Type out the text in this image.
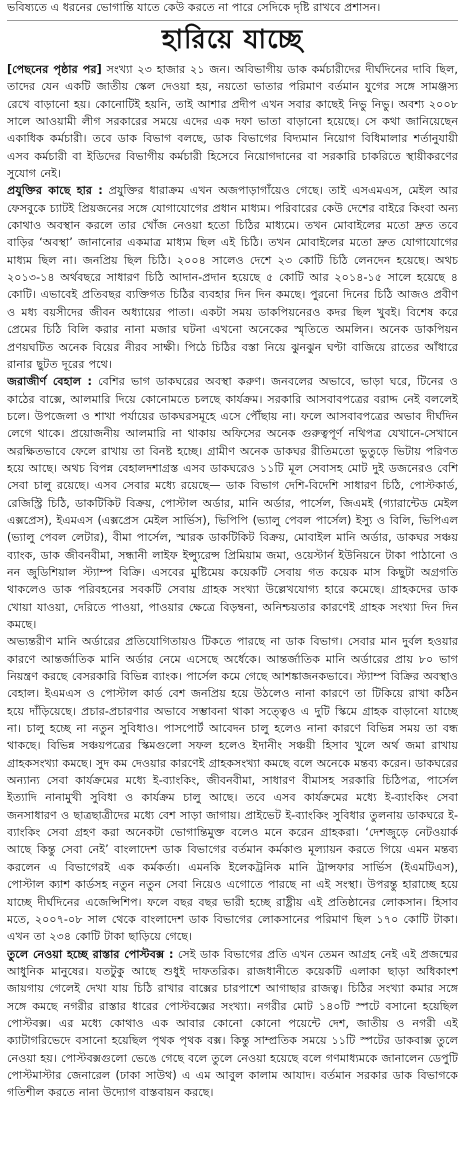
ভবিষ্যতে এ ধরনের ভোগান্তি যাতে কেউ করতে না পারে সেদিকে দৃষ্টি রাখবে প্রশাসন।
হারিয়ে যাচ্ছে

[পেছনের পৃষ্ঠার পর] সংখ্যা ২৩ হাজার ২১ জন। অবিভাগীয় ডাক কর্মচারীদের দীর্ঘদিনের দাবি ছিল, তাদের যেন একটি জাতীয় স্কেল দেওয়া হয়, নয়তো ভাতার পরিমাণ বর্তমান যুগের সঙ্গে সামঞ্জস্য রেখে বাড়ানো হয়। কোনোটিই হয়নি, তাই আশার প্রদীপ এখন সবার কাছেই নিভু নিভু। অবশ্য ২০০৮ সালে আওয়ামী লীগ সরকারের সময়ে এদের এক দফা ভাতা বাড়ানো হয়েছে। সে কথা জানিয়েছেন একাধিক কর্মচারী। তবে ডাক বিভাগ বলছে, ডাক বিভাগের বিদ্যমান নিয়োগ বিধিমালার শর্তানুযায়ী এসব কর্মচারী বা ইডিদের বিভাগীয় কর্মচারী হিসেবে নিয়োগদানের বা সরকারি চাকরিতে স্থায়ীকরণের সুযোগ নেই।

প্রযুক্তির কাছে হার : প্রযুক্তির ধারাক্রম এখন অজপাড়াগাঁয়েও গেছে। তাই এসএমএস, মেইল আর ফেসবুকে চ্যাটই প্রিয়জনের সঙ্গে যোগাযোগের প্রধান মাধ্যম। পরিবারের কেউ দেশের বাইরে কিংবা অন্য কোথাও অবস্থান করলে তার খোঁজ নেওয়া হতো চিঠির মাধ্যমে। তখন মোবাইলের মতো দ্রুত তবে বাড়ির ‘অবস্থা’ জানানোর একমাত্র মাধ্যম ছিল এই চিঠি। তখন মোবাইলের মতো দ্রুত যোগাযোগের মাধ্যম ছিল না। জনপ্রিয় ছিল চিঠি। ২০০৪ সালেও দেশে ২৩ কোটি চিঠি লেনদেন হয়েছে। অথচ ২০১৩-১৪ অর্থবছরে সাধারণ চিঠি আদান-প্রদান হয়েছে ৫ কোটি আর ২০১৪-১৫ সালে হয়েছে ৪ কোটি। এভাবেই প্রতিবছর ব্যক্তিগত চিঠির ব্যবহার দিন দিন কমছে। পুরনো দিনের চিঠি আজও প্রবীণ ও মধ্য বয়সীদের জীবন অধ্যায়ের পাতা। একটা সময় ডাকপিয়নেরও কদর ছিল খুবই। বিশেষ করে প্রেমের চিঠি বিলি করার নানা মজার ঘটনা এখনো অনেকের স্মৃতিতে অমলিন। অনেক ডাকপিয়ন প্রণয়ঘটিত অনেক বিয়ের নীরব সাক্ষী। পিঠে চিঠির বস্তা নিয়ে ঝুনঝুন ঘণ্টা বাজিয়ে রাতের আঁধারে রানার ছুটত দূরের পথে।

জরাজীর্ণ বেহাল : বেশির ভাগ ডাকঘরের অবস্থা করুণ। জনবলের অভাবে, ভাড়া ঘরে, টিনের ও কাঠের বাক্সে, আলমারি দিয়ে কোনোমতে চলছে কার্যক্রম। সরকারি আসবাবপত্রের বরাদ্দ নেই বললেই চলে। উপজেলা ও শাখা পর্যায়ের ডাকঘরসমূহে এসে পৌঁছায় না। ফলে আসবাবপত্রের অভাব দীর্ঘদিন লেগে থাকে। প্রয়োজনীয় আলমারি না থাকায় অফিসের অনেক গুরুত্বপূর্ণ নথিপত্র যেখানে-সেখানে অরক্ষিতভাবে ফেলে রাখায় তা বিনষ্ট হচ্ছে। গ্রামীণ অনেক ডাকঘর রীতিমতো ভুতুড়ে ভিটায় পরিণত হয়ে আছে। অথচ বিপন্ন বেহালদশাগ্রস্ত এসব ডাকঘরেও ১১টি মূল সেবাসহ মোট দুই ডজনেরও বেশি সেবা চালু রয়েছে। এসব সেবার মধ্যে রয়েছে— ডাক বিভাগ দেশি-বিদেশি সাধারণ চিঠি, পোস্টকার্ড, রেজিস্ট্রি চিঠি, ডাকটিকিট বিক্রয়, পোস্টাল অর্ডার, মানি অর্ডার, পার্সেল, জিএমই (গ্যারান্টেড মেইল এক্সপ্রেস), ইএমএস (এক্সপ্রেস মেইল সার্ভিস), ভিপিপি (ভ্যালু পেবল পার্সেল) ইস্যু ও বিলি, ভিপিএল (ভ্যালু পেবল লেটার), বীমা পার্সেল, স্মারক ডাকটিকিট বিক্রয়, মোবাইল মানি অর্ডার, ডাকঘর সঞ্চয় ব্যাংক, ডাক জীবনবীমা, সন্ধানী লাইফ ইন্স্যুরেন্স প্রিমিয়াম জমা, ওয়েস্টার্ন ইউনিয়নে টাকা পাঠানো ও নন জুডিশিয়াল স্ট্যাম্প বিক্রি। এসবের মুষ্টিমেয় কয়েকটি সেবায় গত কয়েক মাস কিছুটা অগ্রগতি থাকলেও ডাক পরিবহনের সবকটি সেবায় গ্রাহক সংখ্যা উল্লেখযোগ্য হারে কমেছে। গ্রাহকদের ডাক খোয়া যাওয়া, দেরিতে পাওয়া, পাওয়ার ক্ষেত্রে বিড়ম্বনা, অনিশ্চয়তার কারণেই গ্রাহক সংখ্যা দিন দিন কমছে।

অভ্যন্তরীণ মানি অর্ডারের প্রতিযোগিতায়ও টিকতে পারছে না ডাক বিভাগ। সেবার মান দুর্বল হওয়ার কারণে আন্তর্জাতিক মানি অর্ডার নেমে এসেছে অর্ধেকে। আন্তর্জাতিক মানি অর্ডারের প্রায় ৮০ ভাগ নিয়ন্ত্রণ করছে বেসরকারি বিভিন্ন ব্যাংক। পার্সেল কমে গেছে আশঙ্কাজনকভাবে। স্ট্যাম্প বিক্রির অবস্থাও বেহাল। ইএমএস ও পোস্টাল কার্ড বেশ জনপ্রিয় হয়ে উঠলেও নানা কারণে তা টিকিয়ে রাখা কঠিন হয়ে দাঁড়িয়েছে। প্রচার-প্রচারণার অভাবে সম্ভাবনা থাকা সত্ত্বেও এ দুটি স্কিমে গ্রাহক বাড়ানো যাচ্ছে না। চালু হচ্ছে না নতুন সুবিধাও। পাসপোর্ট আবেদন চালু হলেও নানা কারণে বিভিন্ন সময় তা বন্ধ থাকছে। বিভিন্ন সঞ্চয়পত্রের স্কিমগুলো সফল হলেও ইদানীং সঞ্চয়ী হিসাব খুলে অর্থ জমা রাখায় গ্রাহকসংখ্যা কমছে। সুদ কম দেওয়ার কারণেই গ্রাহকসংখ্যা কমছে বলে অনেকে মন্তব্য করেন। ডাকঘরের অন্যান্য সেবা কার্যক্রমের মধ্যে ই-ব্যাংকিং, জীবনবীমা, সাধারণ বীমাসহ সরকারি চিঠিপত্র, পার্সেল ইত্যাদি নানামুখী সুবিধা ও কার্যক্রম চালু আছে। তবে এসব কার্যক্রমের মধ্যে ই-ব্যাংকিং সেবা জনসাধারণ ও ছাত্রছাত্রীদের মধ্যে বেশ সাড়া জাগায়। প্রাইভেট ই-ব্যাংকিং সুবিধার তুলনায় ডাকঘরে ই-ব্যাংকিং সেবা গ্রহণ করা অনেকটা ভোগান্তিমুক্ত বলেও মনে করেন গ্রাহকরা। ‘দেশজুড়ে নেটওয়ার্ক আছে কিন্তু সেবা নেই’ বাংলাদেশ ডাক বিভাগের বর্তমান কর্মকাণ্ড মূল্যায়ন করতে গিয়ে এমন মন্তব্য করলেন এ বিভাগেরই এক কর্মকর্তা। এমনকি ইলেকট্রনিক মানি ট্রান্সফার সার্ভিস (ইএমটিএস), পোস্টাল ক্যাশ কার্ডসহ নতুন নতুন সেবা নিয়েও এগোতে পারছে না এই সংস্থা। উপরন্তু হারাচ্ছে হয়ে যাচ্ছে দীর্ঘদিনের এজেন্সিশিপ। ফলে বছর বছর ভারী হচ্ছে রাষ্ট্রীয় এই প্রতিষ্ঠানের লোকসান। হিসাব মতে, ২০০৭-০৮ সাল থেকে বাংলাদেশ ডাক বিভাগের লোকসানের পরিমাণ ছিল ১৭০ কোটি টাকা। এখন তা ২৩৪ কোটি টাকা ছাড়িয়ে গেছে।

তুলে নেওয়া হচ্ছে রাস্তার পোস্টবক্স : সেই ডাক বিভাগের প্রতি এখন তেমন আগ্রহ নেই এই প্রজন্মের আধুনিক মানুষের। যতটুকু আছে শুধুই দাফতরিক। রাজধানীতে কয়েকটি এলাকা ছাড়া অধিকাংশ জায়গায় গেলেই দেখা যায় চিঠি রাখার বাক্সের চারপাশে আগাছার রাজত্ব। চিঠির সংখ্যা কমার সঙ্গে সঙ্গে কমছে নগরীর রাস্তার ধারের পোস্টবক্সের সংখ্যা। নগরীর মোট ১৪০টি স্পটে বসানো হয়েছিল পোস্টবক্স। এর মধ্যে কোথাও এক আবার কোনো কোনো পয়েন্টে দেশ, জাতীয় ও নগরী এই ক্যাটাগরিভেদে বসানো হয়েছিল পৃথক পৃথক বক্স। কিন্তু সাম্প্রতিক সময়ে ১১টি স্পটের ডাকবাক্স তুলে নেওয়া হয়। পোস্টবক্সগুলো ভেঙে গেছে বলে তুলে নেওয়া হয়েছে বলে গণমাধ্যমকে জানালেন ডেপুটি পোস্টমাস্টার জেনারেল (ঢাকা সাউথ) এ এম আবুল কালাম আযাদ। বর্তমান সরকার ডাক বিভাগকে গতিশীল করতে নানা উদ্যোগ বাস্তবায়ন করছে।
